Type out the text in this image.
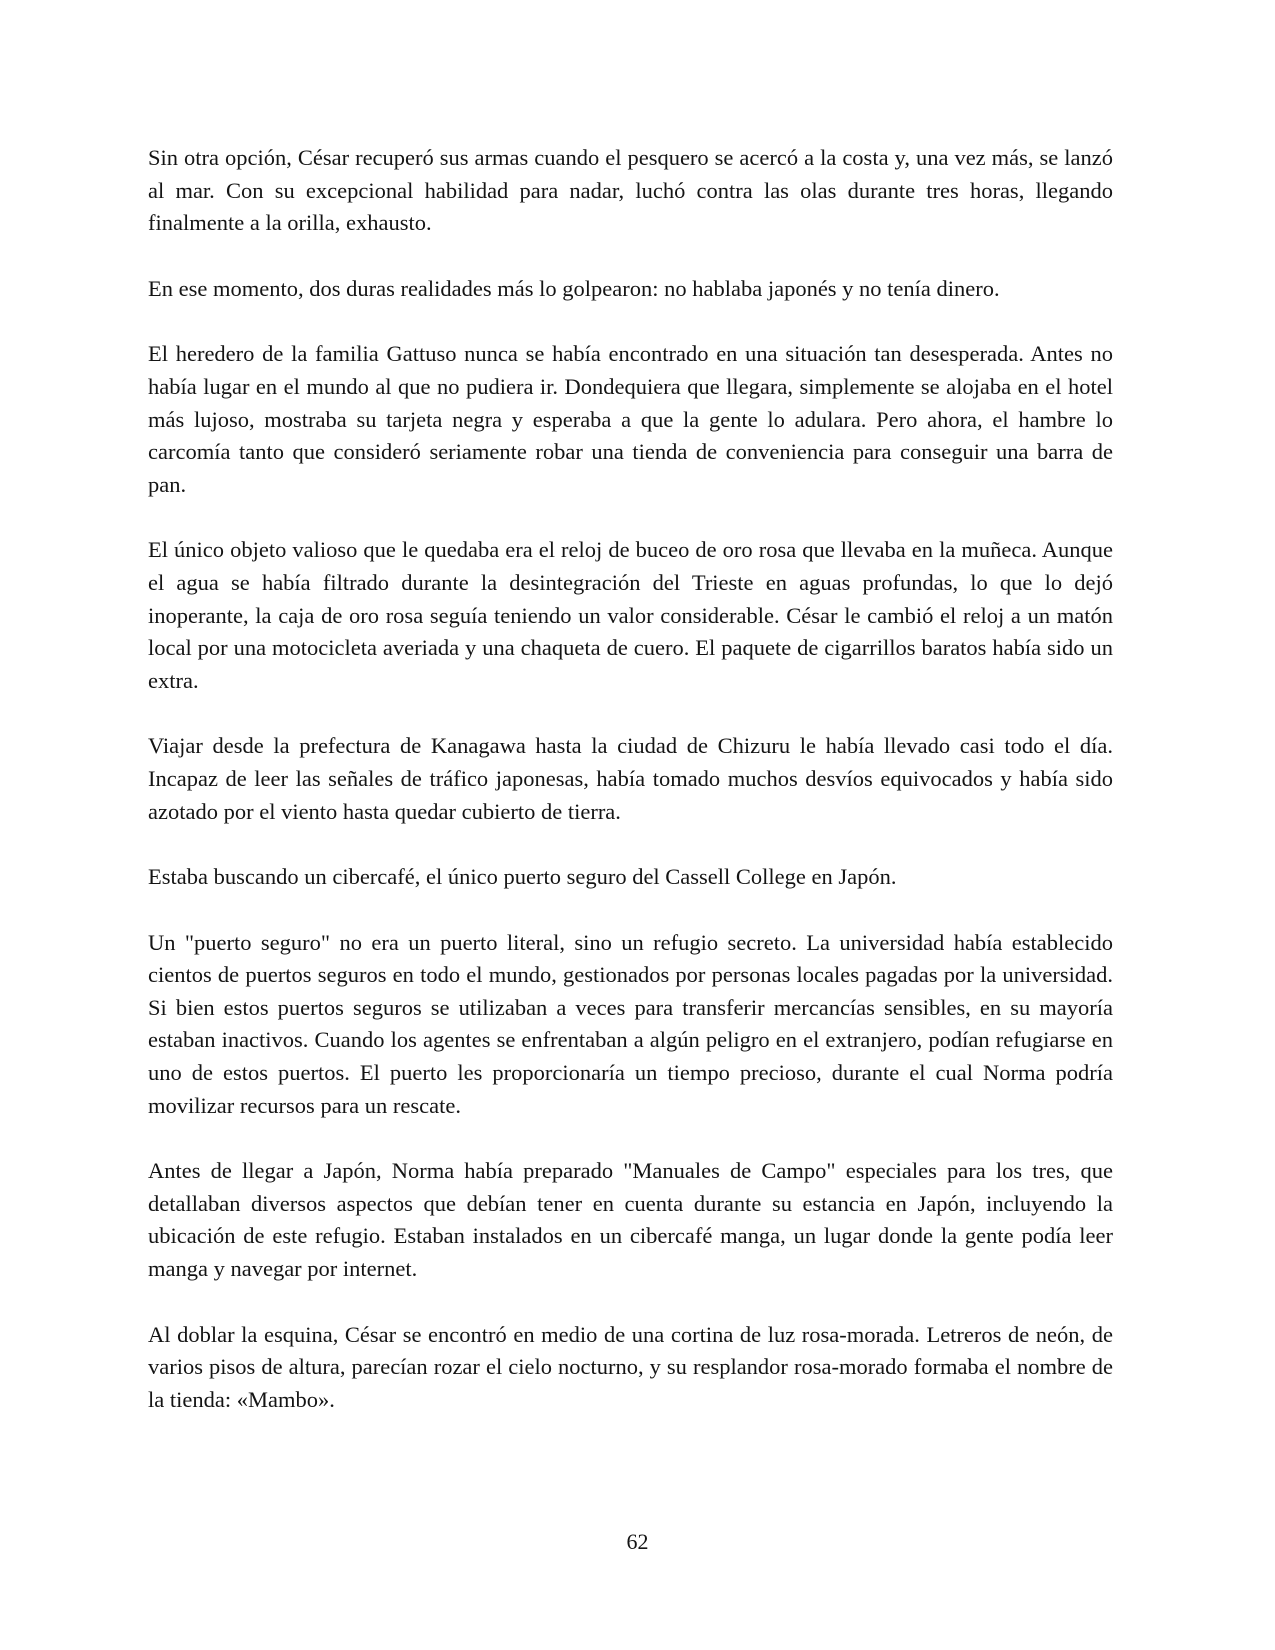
Sin otra opción, César recuperó sus armas cuando el pesquero se acercó a la costa y, una vez más, se lanzó al mar. Con su excepcional habilidad para nadar, luchó contra las olas durante tres horas, llegando finalmente a la orilla, exhausto.

En ese momento, dos duras realidades más lo golpearon: no hablaba japonés y no tenía dinero.

El heredero de la familia Gattuso nunca se había encontrado en una situación tan desesperada. Antes no había lugar en el mundo al que no pudiera ir. Dondequiera que llegara, simplemente se alojaba en el hotel más lujoso, mostraba su tarjeta negra y esperaba a que la gente lo adulara. Pero ahora, el hambre lo carcomía tanto que consideró seriamente robar una tienda de conveniencia para conseguir una barra de pan.

El único objeto valioso que le quedaba era el reloj de buceo de oro rosa que llevaba en la muñeca. Aunque el agua se había filtrado durante la desintegración del Trieste en aguas profundas, lo que lo dejó inoperante, la caja de oro rosa seguía teniendo un valor considerable. César le cambió el reloj a un matón local por una motocicleta averiada y una chaqueta de cuero. El paquete de cigarrillos baratos había sido un extra.

Viajar desde la prefectura de Kanagawa hasta la ciudad de Chizuru le había llevado casi todo el día. Incapaz de leer las señales de tráfico japonesas, había tomado muchos desvíos equivocados y había sido azotado por el viento hasta quedar cubierto de tierra.

Estaba buscando un cibercafé, el único puerto seguro del Cassell College en Japón.

Un "puerto seguro" no era un puerto literal, sino un refugio secreto. La universidad había establecido cientos de puertos seguros en todo el mundo, gestionados por personas locales pagadas por la universidad. Si bien estos puertos seguros se utilizaban a veces para transferir mercancías sensibles, en su mayoría estaban inactivos. Cuando los agentes se enfrentaban a algún peligro en el extranjero, podían refugiarse en uno de estos puertos. El puerto les proporcionaría un tiempo precioso, durante el cual Norma podría movilizar recursos para un rescate.

Antes de llegar a Japón, Norma había preparado "Manuales de Campo" especiales para los tres, que detallaban diversos aspectos que debían tener en cuenta durante su estancia en Japón, incluyendo la ubicación de este refugio. Estaban instalados en un cibercafé manga, un lugar donde la gente podía leer manga y navegar por internet.

Al doblar la esquina, César se encontró en medio de una cortina de luz rosa-morada. Letreros de neón, de varios pisos de altura, parecían rozar el cielo nocturno, y su resplandor rosa-morado formaba el nombre de la tienda: «Mambo».

62
